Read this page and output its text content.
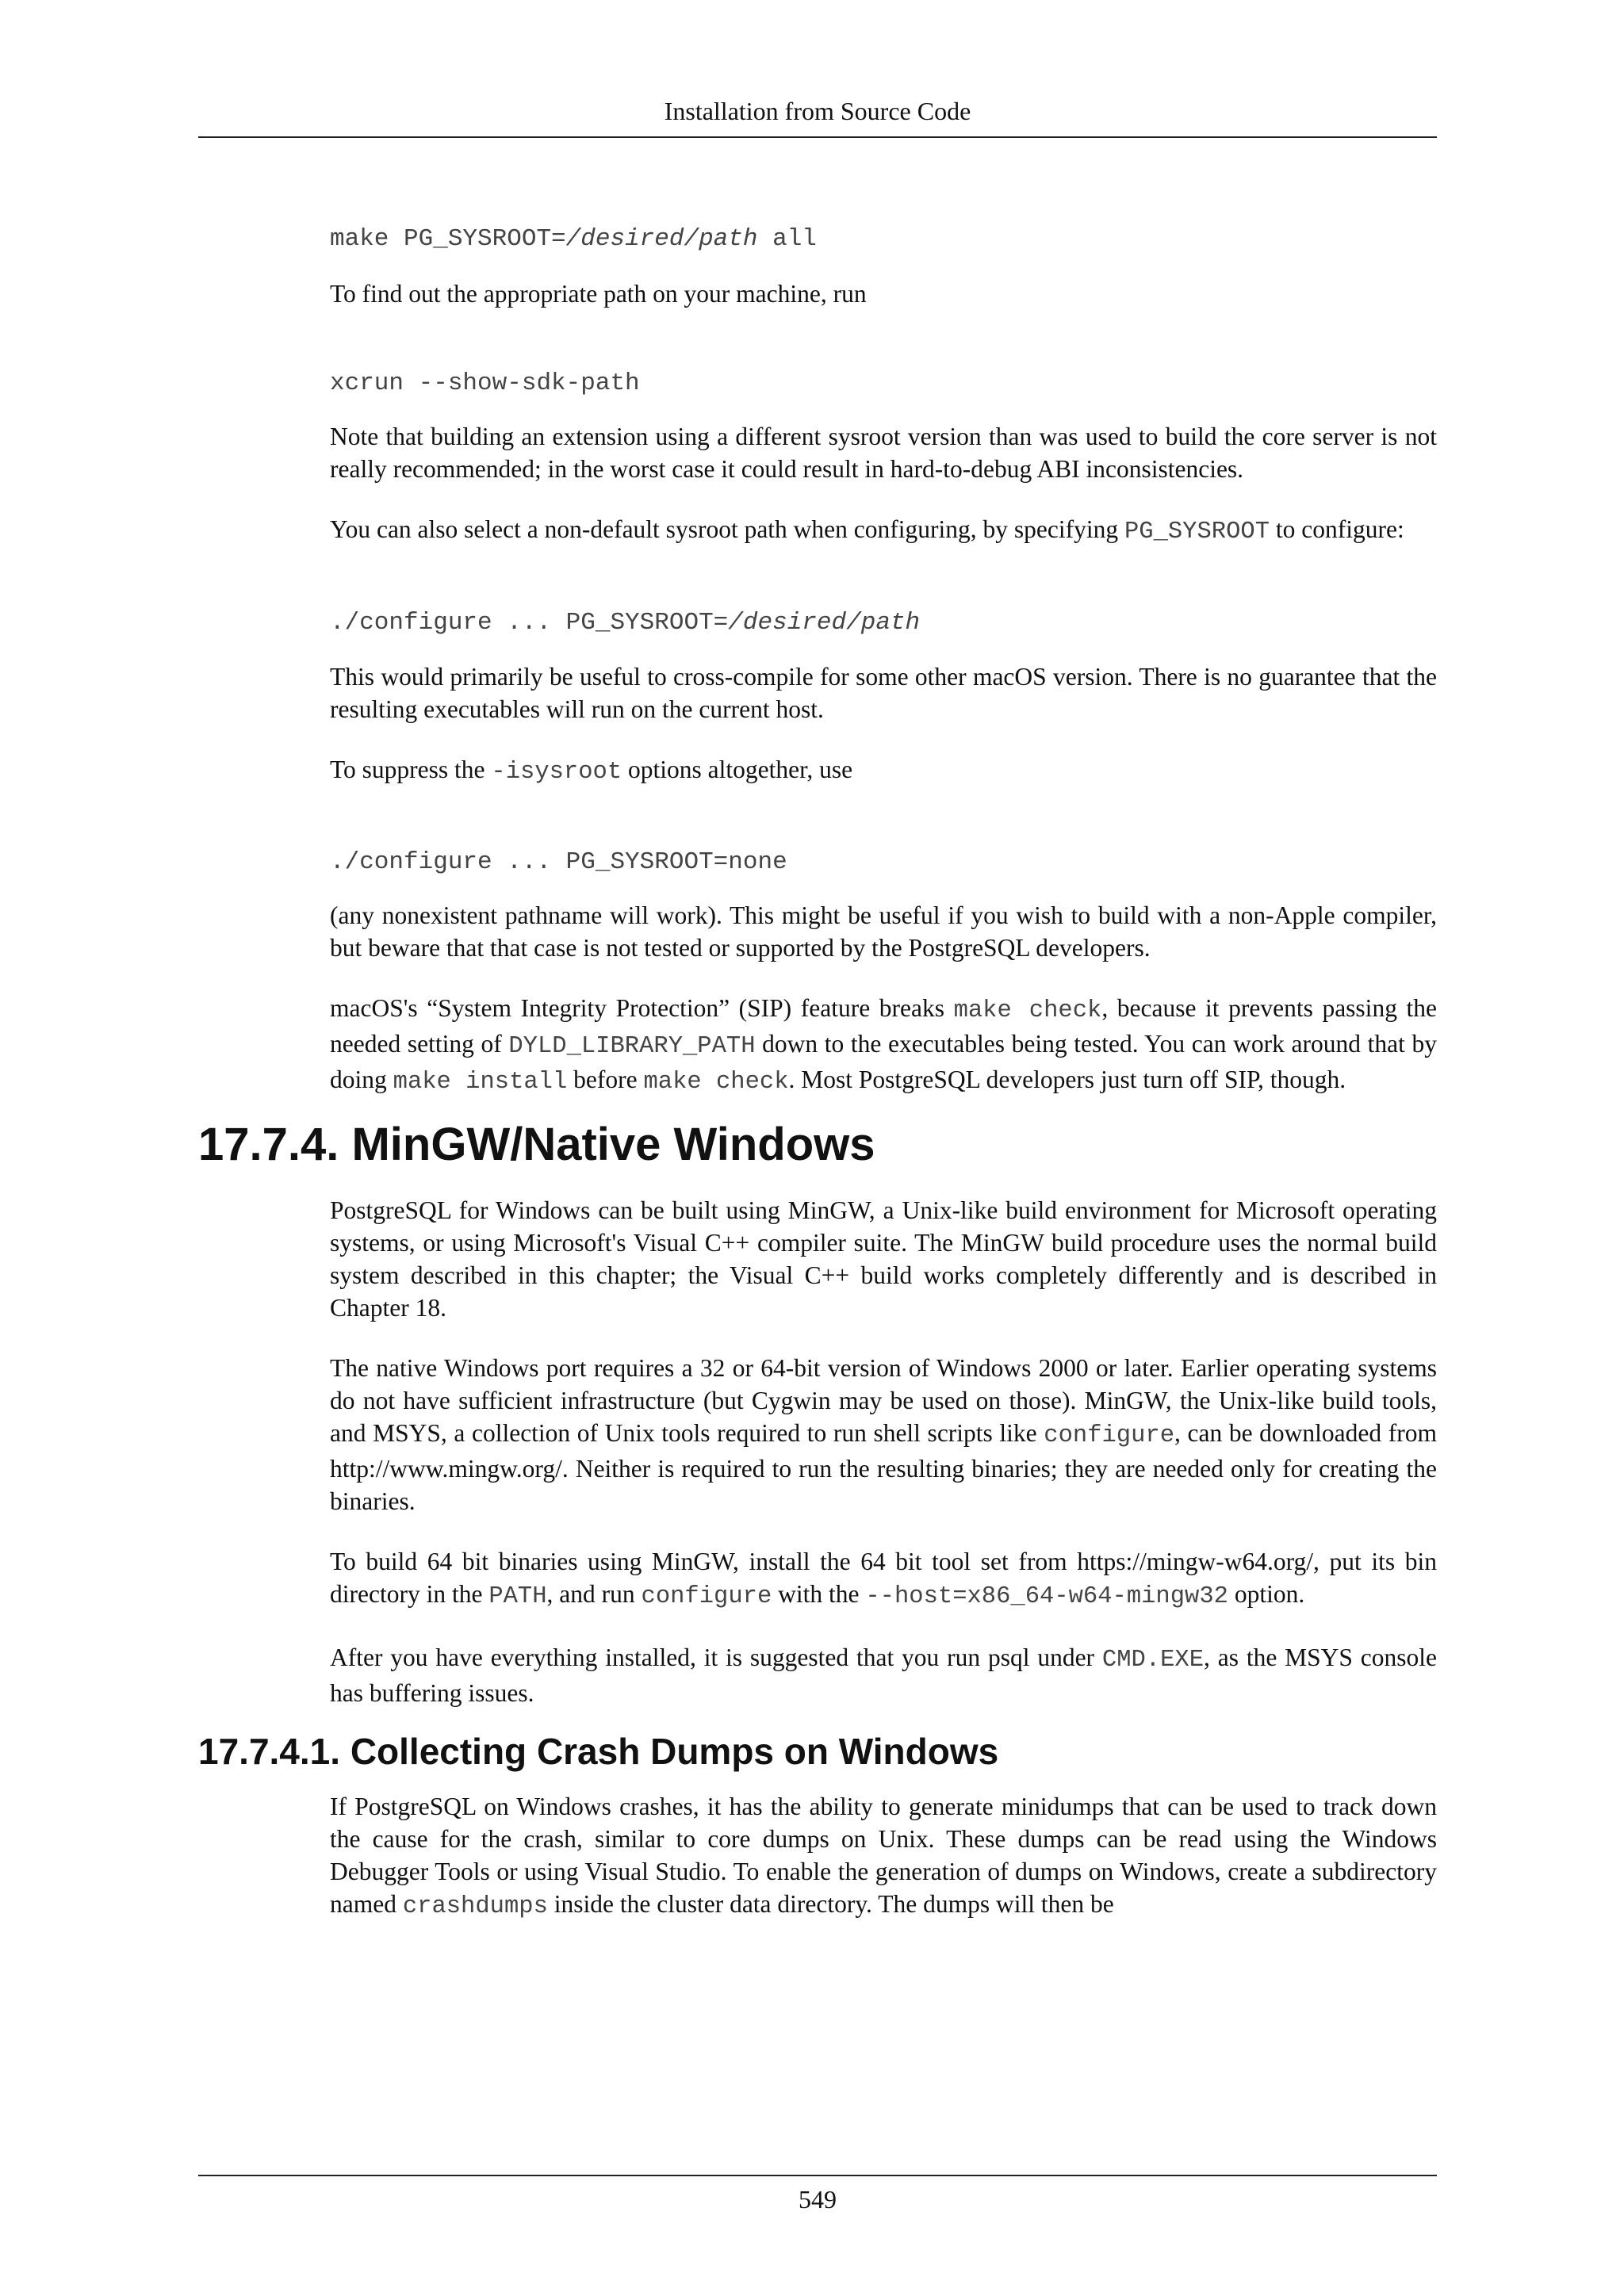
Installation from Source Code
make PG_SYSROOT=/desired/path all
To find out the appropriate path on your machine, run
xcrun --show-sdk-path
Note that building an extension using a different sysroot version than was used to build the core server is not really recommended; in the worst case it could result in hard-to-debug ABI inconsistencies.
You can also select a non-default sysroot path when configuring, by specifying PG_SYSROOT to configure:
./configure ... PG_SYSROOT=/desired/path
This would primarily be useful to cross-compile for some other macOS version. There is no guarantee that the resulting executables will run on the current host.
To suppress the -isysroot options altogether, use
./configure ... PG_SYSROOT=none
(any nonexistent pathname will work). This might be useful if you wish to build with a non-Apple compiler, but beware that that case is not tested or supported by the PostgreSQL developers.
macOS's “System Integrity Protection” (SIP) feature breaks make check, because it prevents passing the needed setting of DYLD_LIBRARY_PATH down to the executables being tested. You can work around that by doing make install before make check. Most PostgreSQL developers just turn off SIP, though.
17.7.4. MinGW/Native Windows
PostgreSQL for Windows can be built using MinGW, a Unix-like build environment for Microsoft operating systems, or using Microsoft's Visual C++ compiler suite. The MinGW build procedure uses the normal build system described in this chapter; the Visual C++ build works completely differently and is described in Chapter 18.
The native Windows port requires a 32 or 64-bit version of Windows 2000 or later. Earlier operating systems do not have sufficient infrastructure (but Cygwin may be used on those). MinGW, the Unix-like build tools, and MSYS, a collection of Unix tools required to run shell scripts like configure, can be downloaded from http://www.mingw.org/. Neither is required to run the resulting binaries; they are needed only for creating the binaries.
To build 64 bit binaries using MinGW, install the 64 bit tool set from https://mingw-w64.org/, put its bin directory in the PATH, and run configure with the --host=x86_64-w64-mingw32 option.
After you have everything installed, it is suggested that you run psql under CMD.EXE, as the MSYS console has buffering issues.
17.7.4.1. Collecting Crash Dumps on Windows
If PostgreSQL on Windows crashes, it has the ability to generate minidumps that can be used to track down the cause for the crash, similar to core dumps on Unix. These dumps can be read using the Windows Debugger Tools or using Visual Studio. To enable the generation of dumps on Windows, create a subdirectory named crashdumps inside the cluster data directory. The dumps will then be
549
